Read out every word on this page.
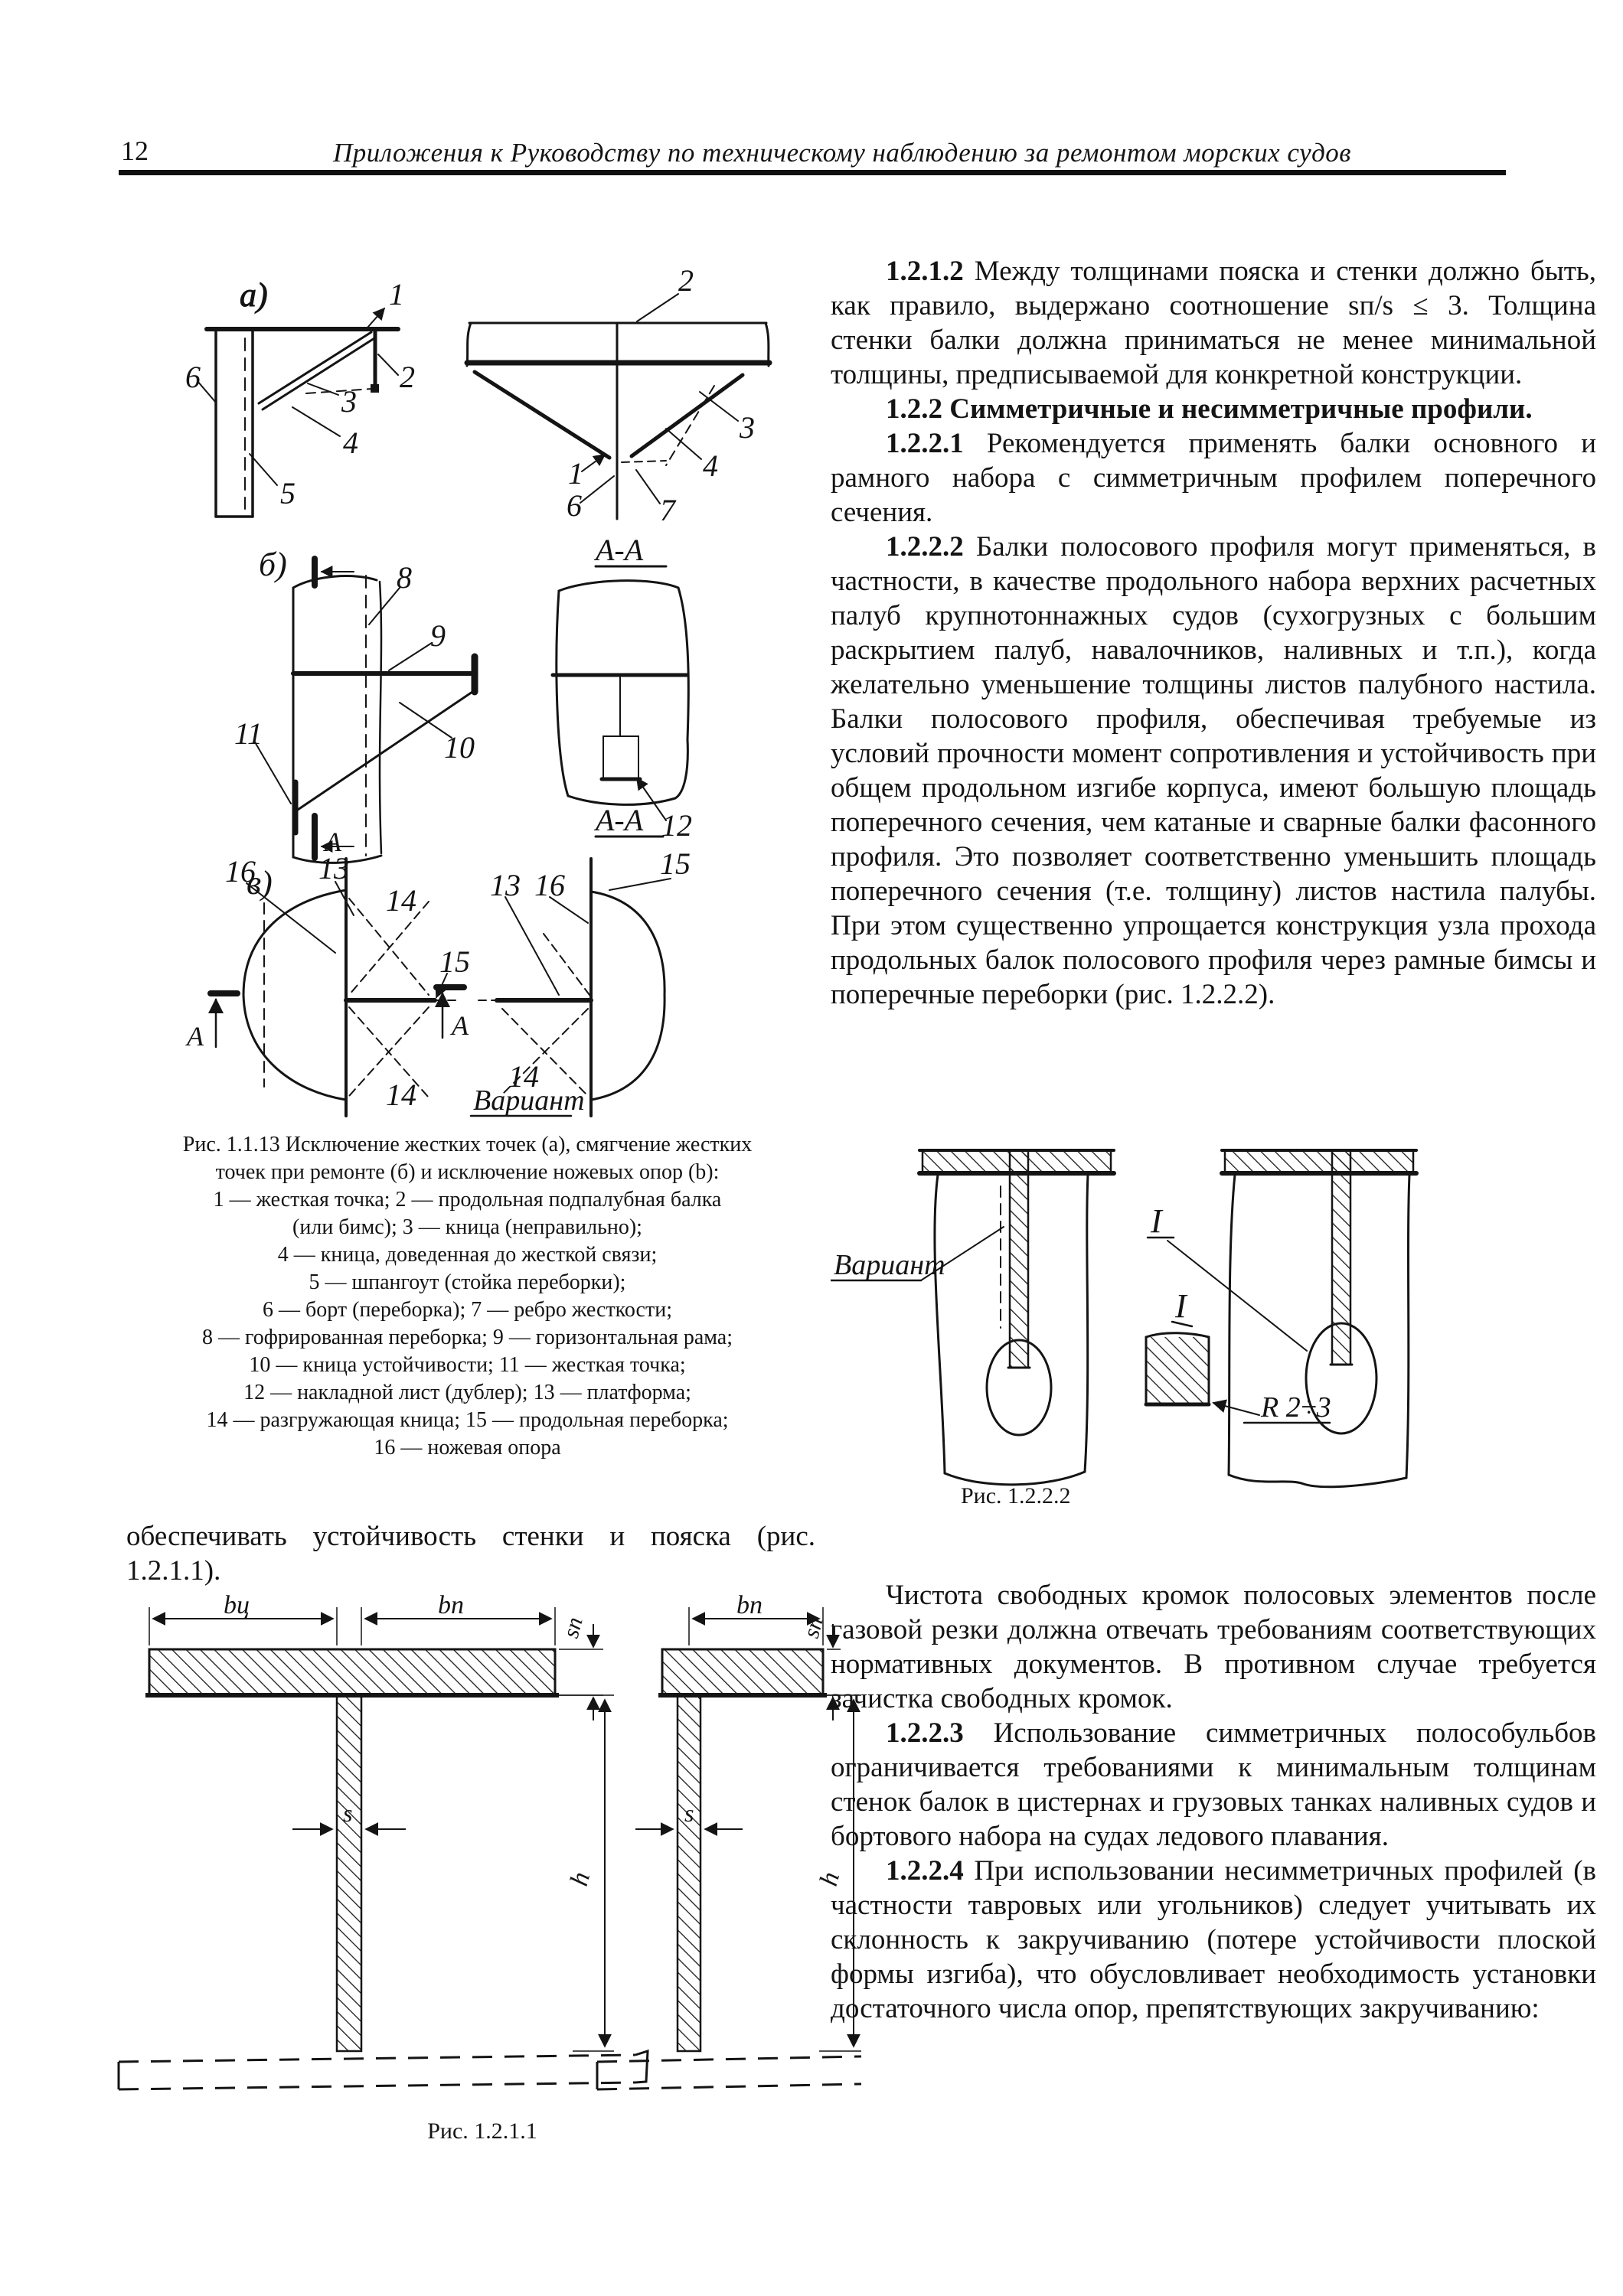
12	Приложения к Руководству по техническому наблюдению за ремонтом морских судов
а)	1
2
6
3
4
5
2
3
4
1
6	7
А-А
б)	8
9
10
11
А
А-А 12
15
в) 13
16
14
14
15
А	А
13 16
14
Вариант
Рис. 1.1.13 Исключение жестких точек (а), смягчение жестких
точек при ремонте (б) и исключение ножевых опор (b):
1 — жесткая точка; 2 — продольная подпалубная балка
(или бимс); 3 — кница (неправильно);
4 — кница, доведенная до жесткой связи;
5 — шпангоут (стойка переборки);
6 — борт (переборка); 7 — ребро жесткости;
8 — гофрированная переборка; 9 — горизонтальная рама;
10 — кница устойчивости; 11 — жесткая точка;
12 — накладной лист (дублер); 13 — платформа;
14 — разгружающая кница; 15 — продольная переборка;
16 — ножевая опора

обеспечивать устойчивость стенки и пояска (рис. 1.2.1.1).

bц	bп
sп
s
h
bп
sп
s
h
Рис. 1.2.1.1

1.2.1.2 Между толщинами пояска и стенки должно быть, как правило, выдержано соотношение sп/s ≤ 3. Толщина стенки балки должна приниматься не менее минимальной толщины, предписываемой для конкретной конструкции.

1.2.2 Симметричные и несимметричные профили.

1.2.2.1 Рекомендуется применять балки основного и рамного набора с симметричным профилем поперечного сечения.

1.2.2.2 Балки полосового профиля могут применяться, в частности, в качестве продольного набора верхних расчетных палуб крупнотоннажных судов (сухогрузных с большим раскрытием палуб, навалочников, наливных и т.п.), когда желательно уменьшение толщины листов палубного настила. Балки полосового профиля, обеспечивая требуемые из условий прочности момент сопротивления и устойчивость при общем продольном изгибе корпуса, имеют большую площадь поперечного сечения, чем катаные и сварные балки фасонного профиля. Это позволяет соответственно уменьшить площадь поперечного сечения (т.е. толщину) листов настила палубы. При этом существенно упрощается конструкция узла прохода продольных балок полосового профиля через рамные бимсы и поперечные переборки (рис. 1.2.2.2).

Вариант
I
I
R 2÷3
Рис. 1.2.2.2

Чистота свободных кромок полосовых элементов после газовой резки должна отвечать требованиям соответствующих нормативных документов. В противном случае требуется зачистка свободных кромок.

1.2.2.3 Использование симметричных полособульбов ограничивается требованиями к минимальным толщинам стенок балок в цистернах и грузовых танках наливных судов и бортового набора на судах ледового плавания.

1.2.2.4 При использовании несимметричных профилей (в частности тавровых или угольников) следует учитывать их склонность к закручиванию (потере устойчивости плоской формы изгиба), что обусловливает необходимость установки достаточного числа опор, препятствующих закручиванию:
